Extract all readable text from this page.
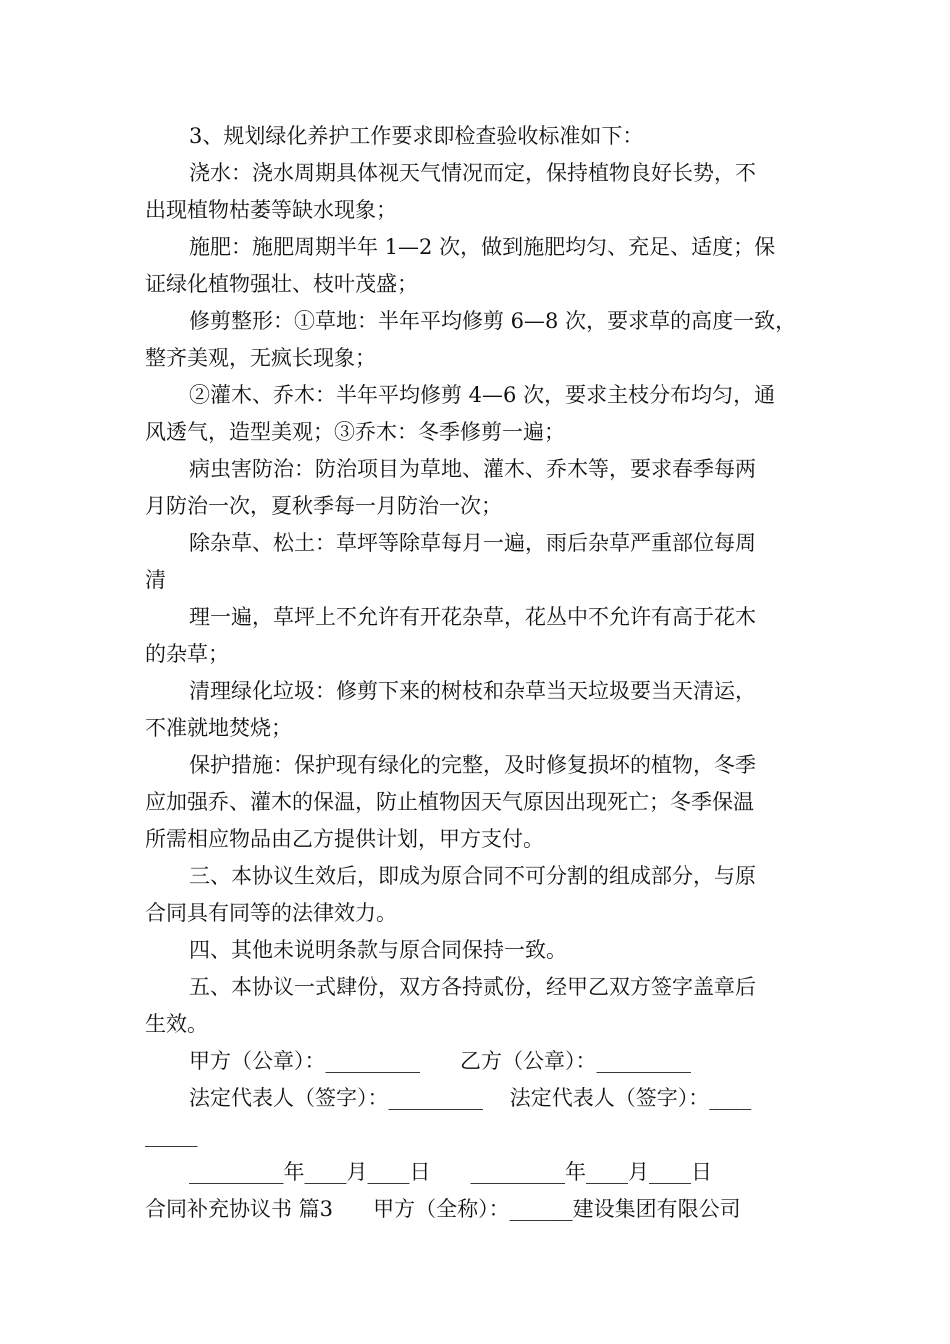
3、规划绿化养护工作要求即检查验收标准如下：
浇水：浇水周期具体视天气情况而定，保持植物良好长势，不
出现植物枯萎等缺水现象；
施肥：施肥周期半年 1—2 次，做到施肥均匀、充足、适度；保
证绿化植物强壮、枝叶茂盛；
修剪整形：①草地：半年平均修剪 6—8 次，要求草的高度一致，
整齐美观，无疯长现象；
②灌木、乔木：半年平均修剪 4—6 次，要求主枝分布均匀，通
风透气，造型美观；③乔木：冬季修剪一遍；
病虫害防治：防治项目为草地、灌木、乔木等，要求春季每两
月防治一次，夏秋季每一月防治一次；
除杂草、松土：草坪等除草每月一遍，雨后杂草严重部位每周
清
理一遍，草坪上不允许有开花杂草，花丛中不允许有高于花木
的杂草；
清理绿化垃圾：修剪下来的树枝和杂草当天垃圾要当天清运，
不准就地焚烧；
保护措施：保护现有绿化的完整，及时修复损坏的植物，冬季
应加强乔、灌木的保温，防止植物因天气原因出现死亡；冬季保温
所需相应物品由乙方提供计划，甲方支付。
三、本协议生效后，即成为原合同不可分割的组成部分，与原
合同具有同等的法律效力。
四、其他未说明条款与原合同保持一致。
五、本协议一式肆份，双方各持贰份，经甲乙双方签字盖章后
生效。
甲方（公章）：_________      乙方（公章）：_________
法定代表人（签字）：_________    法定代表人（签字）：____
_____
_________年____月____日      _________年____月____日
合同补充协议书 篇3      甲方（全称）：______建设集团有限公司
